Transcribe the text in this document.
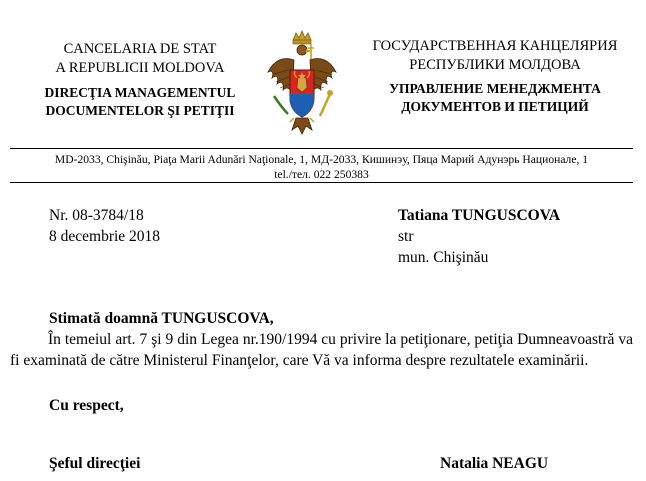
CANCELARIA DE STAT
A REPUBLICII MOLDOVA
DIRECŢIA MANAGEMENTUL
DOCUMENTELOR ŞI PETIŢII
ГОСУДАРСТВЕННАЯ КАНЦЕЛЯРИЯ
РЕСПУБЛИКИ МОЛДОВА
УПРАВЛЕНИЕ МЕНЕДЖМЕНТА
ДОКУМЕНТОВ И ПЕТИЦИЙ
MD-2033, Chişinău, Piaţa Marii Adunări Naţionale, 1, МД-2033, Кишинэу, Пяца Марий Адунэрь Национале, 1
tel./тел. 022 250383
Nr. 08-3784/18
8 decembrie 2018
Tatiana TUNGUSCOVA
str
mun. Chişinău
Stimată doamnă TUNGUSCOVA,

În temeiul art. 7 şi 9 din Legea nr.190/1994 cu privire la petiţionare, petiţia Dumneavoastră va fi examinată de către Ministerul Finanţelor, care Vă va informa despre rezultatele examinării.

Cu respect,
Şeful direcţiei	Natalia NEAGU
